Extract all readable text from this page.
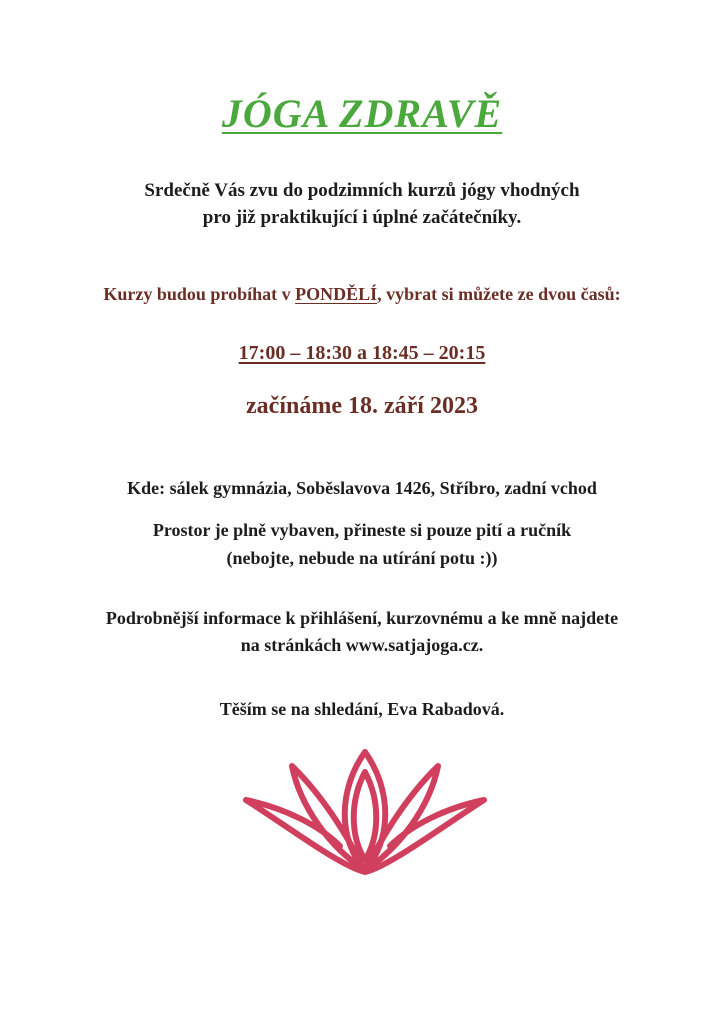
JÓGA ZDRAVĚ
Srdečně Vás zvu do podzimních kurzů jógy vhodných
pro již praktikující i úplné začátečníky.
Kurzy budou probíhat v PONDĚLÍ, vybrat si můžete ze dvou časů:
17:00 – 18:30 a 18:45 – 20:15
začínáme 18. září 2023
Kde: sálek gymnázia, Soběslavova 1426, Stříbro, zadní vchod
Prostor je plně vybaven, přineste si pouze pití a ručník
(nebojte, nebude na utírání potu :))
Podrobnější informace k přihlášení, kurzovnému a ke mně najdete
na stránkách www.satjajoga.cz.
Těším se na shledání, Eva Rabadová.
